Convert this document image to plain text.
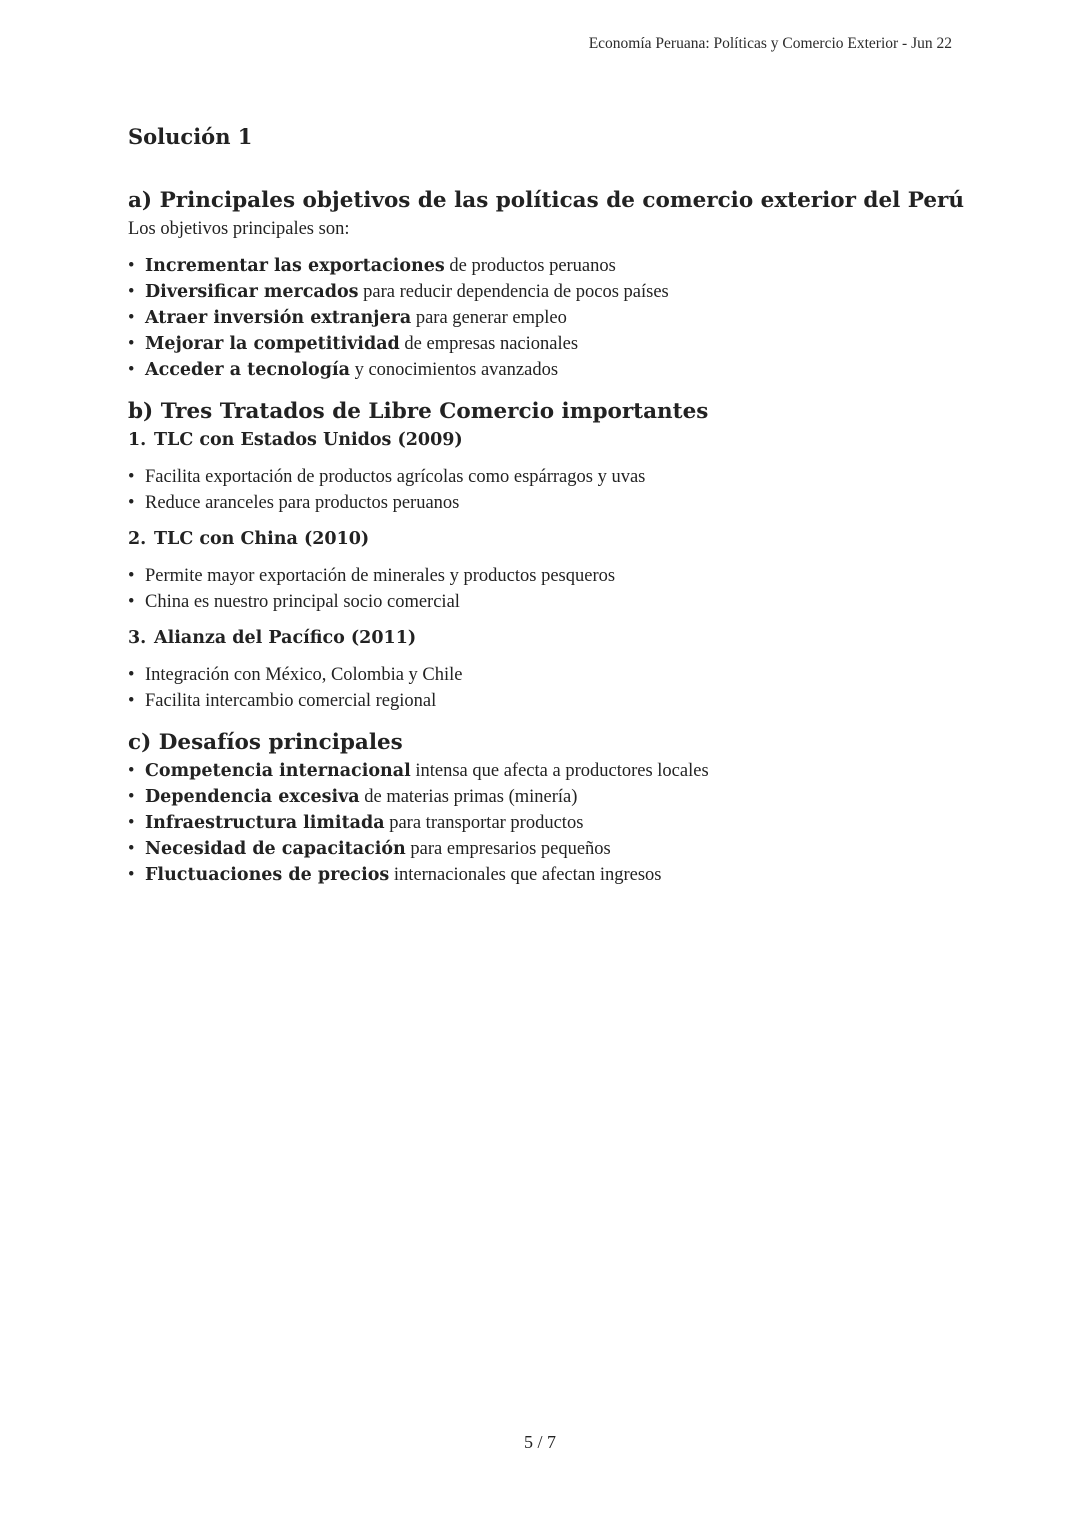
Economía Peruana: Políticas y Comercio Exterior - Jun 22
Solución 1
a) Principales objetivos de las políticas de comercio exterior del Perú

Los objetivos principales son:

• Incrementar las exportaciones de productos peruanos
• Diversificar mercados para reducir dependencia de pocos países
• Atraer inversión extranjera para generar empleo
• Mejorar la competitividad de empresas nacionales
• Acceder a tecnología y conocimientos avanzados
b) Tres Tratados de Libre Comercio importantes

1. TLC con Estados Unidos (2009)

• Facilita exportación de productos agrícolas como espárragos y uvas
• Reduce aranceles para productos peruanos

2. TLC con China (2010)

• Permite mayor exportación de minerales y productos pesqueros
• China es nuestro principal socio comercial

3. Alianza del Pacífico (2011)

• Integración con México, Colombia y Chile
• Facilita intercambio comercial regional
c) Desafíos principales
• Competencia internacional intensa que afecta a productores locales
• Dependencia excesiva de materias primas (minería)
• Infraestructura limitada para transportar productos
• Necesidad de capacitación para empresarios pequeños
• Fluctuaciones de precios internacionales que afectan ingresos
5 / 7
